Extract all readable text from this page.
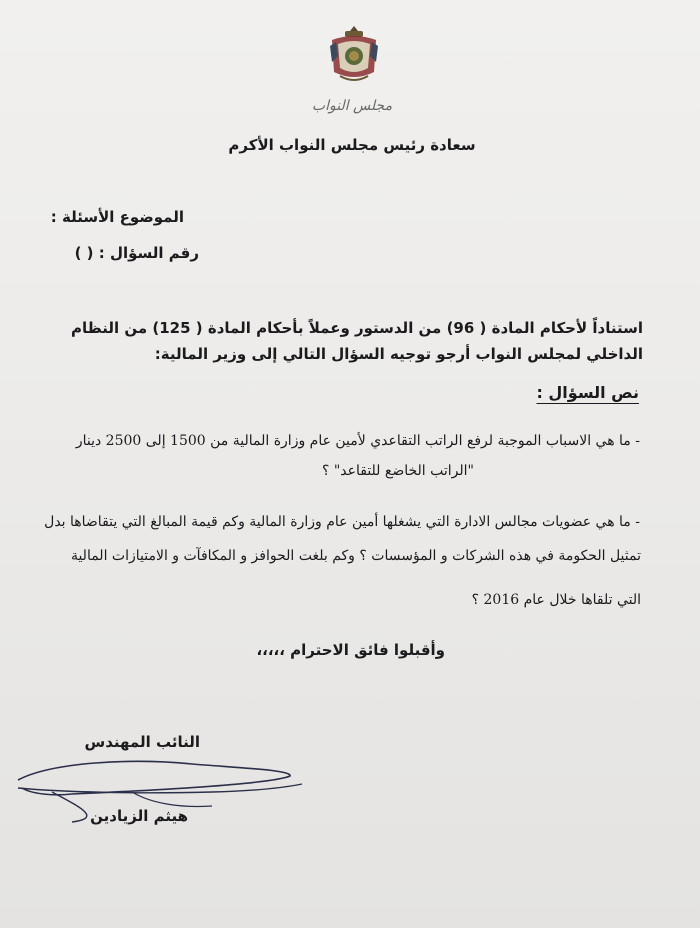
مجلس النواب
سعادة رئيس مجلس النواب الأكرم
الموضوع الأسئلة :
رقم السؤال : ( )
استناداً لأحكام المادة ( 96) من الدستور وعملاً بأحكام المادة ( 125) من النظام
الداخلي لمجلس النواب أرجو توجيه السؤال التالي إلى وزير المالية:
نص السؤال :
- ما هي الاسباب الموجبة لرفع الراتب التقاعدي لأمين عام وزارة المالية من 1500 إلى 2500 دينار
"الراتب الخاضع للتقاعد" ؟
- ما هي عضويات مجالس الادارة التي يشغلها أمين عام وزارة المالية وكم قيمة المبالغ التي يتقاضاها بدل
تمثيل الحكومة في هذه الشركات و المؤسسات ؟ وكم بلغت الحوافز و المكافآت و الامتيازات المالية
التي تلقاها خلال عام 2016 ؟
وأقبلوا فائق الاحترام ،،،،،
النائب المهندس
هيثم الزيادين
